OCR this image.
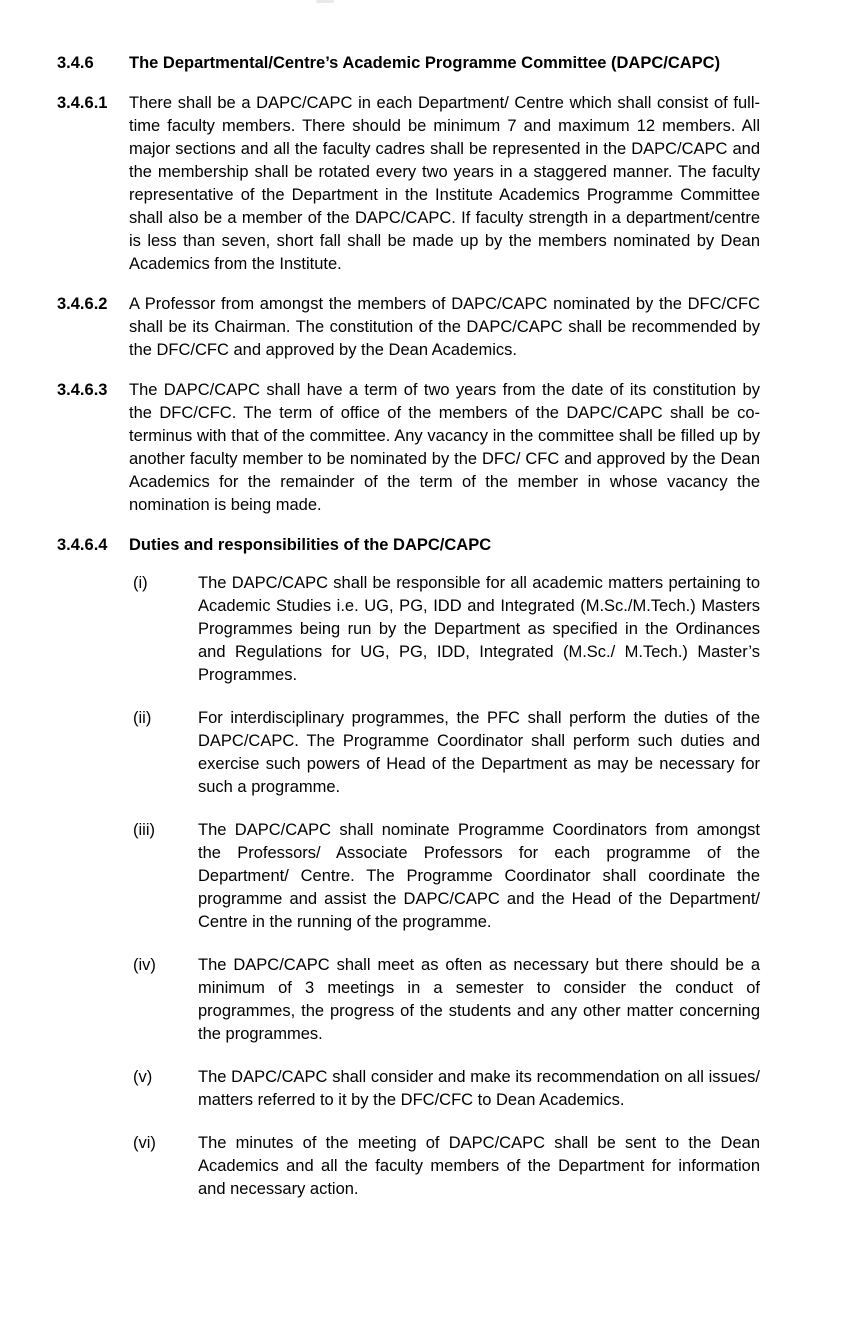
3.4.6	The Departmental/Centre’s Academic Programme Committee (DAPC/CAPC)
3.4.6.1	There shall be a DAPC/CAPC in each Department/ Centre which shall consist of full-time faculty members. There should be minimum 7 and maximum 12 members. All major sections and all the faculty cadres shall be represented in the DAPC/CAPC and the membership shall be rotated every two years in a staggered manner. The faculty representative of the Department in the Institute Academics Programme Committee shall also be a member of the DAPC/CAPC. If faculty strength in a department/centre is less than seven, short fall shall be made up by the members nominated by Dean Academics from the Institute.
3.4.6.2	A Professor from amongst the members of DAPC/CAPC nominated by the DFC/CFC shall be its Chairman. The constitution of the DAPC/CAPC shall be recommended by the DFC/CFC and approved by the Dean Academics.
3.4.6.3	The DAPC/CAPC shall have a term of two years from the date of its constitution by the DFC/CFC. The term of office of the members of the DAPC/CAPC shall be co-terminus with that of the committee. Any vacancy in the committee shall be filled up by another faculty member to be nominated by the DFC/ CFC and approved by the Dean Academics for the remainder of the term of the member in whose vacancy the nomination is being made.
3.4.6.4	Duties and responsibilities of the DAPC/CAPC
(i)	The DAPC/CAPC shall be responsible for all academic matters pertaining to Academic Studies i.e. UG, PG, IDD and Integrated (M.Sc./M.Tech.) Masters Programmes being run by the Department as specified in the Ordinances and Regulations for UG, PG, IDD, Integrated (M.Sc./ M.Tech.) Master’s Programmes.
(ii)	For interdisciplinary programmes, the PFC shall perform the duties of the DAPC/CAPC. The Programme Coordinator shall perform such duties and exercise such powers of Head of the Department as may be necessary for such a programme.
(iii)	The DAPC/CAPC shall nominate Programme Coordinators from amongst the Professors/ Associate Professors for each programme of the Department/ Centre. The Programme Coordinator shall coordinate the programme and assist the DAPC/CAPC and the Head of the Department/ Centre in the running of the programme.
(iv)	The DAPC/CAPC shall meet as often as necessary but there should be a minimum of 3 meetings in a semester to consider the conduct of programmes, the progress of the students and any other matter concerning the programmes.
(v)	The DAPC/CAPC shall consider and make its recommendation on all issues/ matters referred to it by the DFC/CFC to Dean Academics.
(vi)	The minutes of the meeting of DAPC/CAPC shall be sent to the Dean Academics and all the faculty members of the Department for information and necessary action.
